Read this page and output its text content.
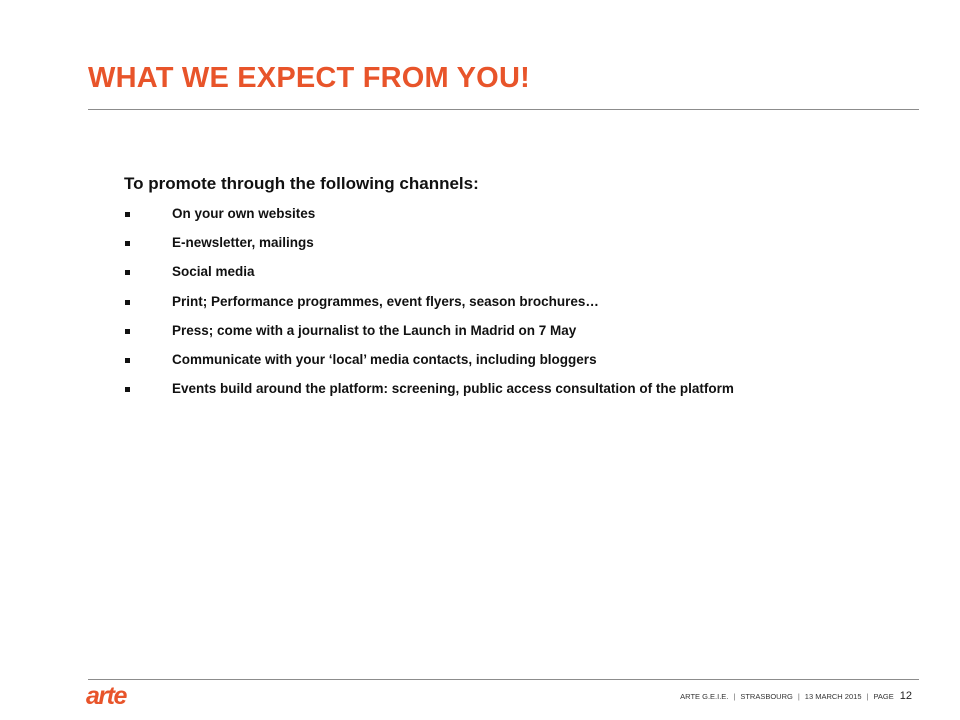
WHAT WE EXPECT FROM YOU!
To promote through the following channels:
On your own websites
E-newsletter, mailings
Social media
Print; Performance programmes, event flyers, season brochures…
Press; come with a journalist to the Launch in Madrid on 7 May
Communicate with your ‘local’ media contacts, including bloggers
Events build around the platform: screening, public access consultation of the platform
arte	ARTE G.E.I.E. | STRASBOURG | 13 MARCH 2015 | PAGE 12
